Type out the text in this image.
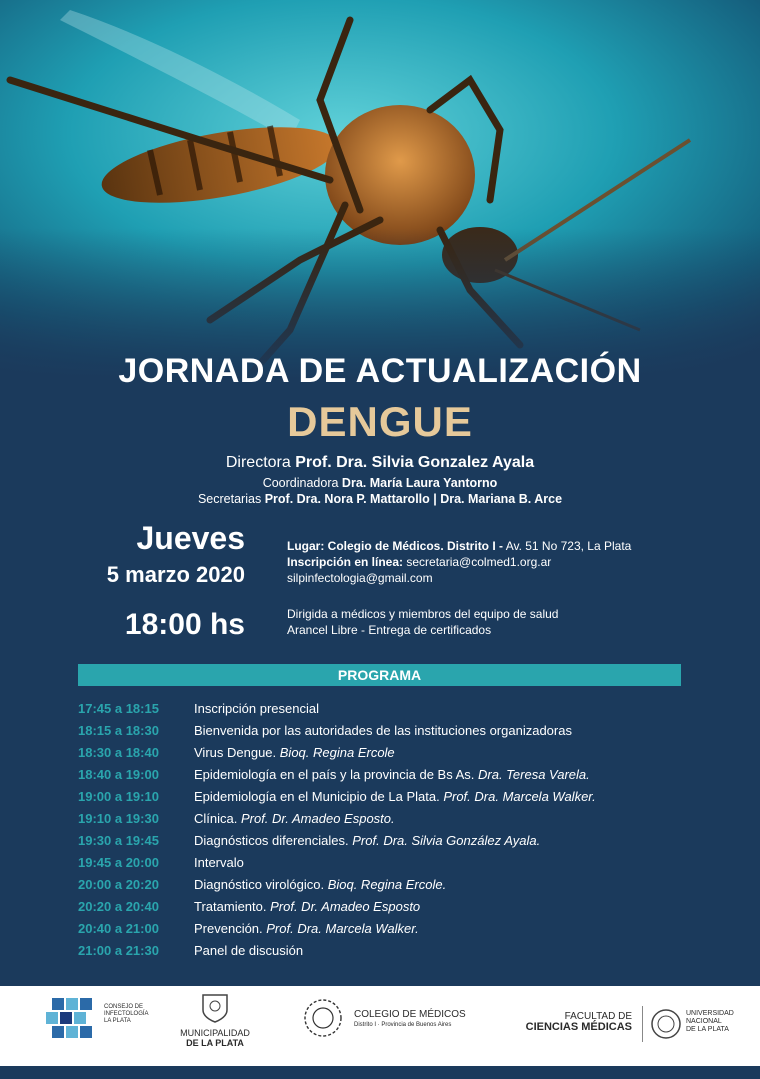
JORNADA DE ACTUALIZACIÓN
DENGUE
Directora Prof. Dra. Silvia Gonzalez Ayala
Coordinadora Dra. María Laura Yantorno
Secretarias Prof. Dra. Nora P. Mattarollo | Dra. Mariana B. Arce
Jueves
5 marzo 2020
18:00 hs
Lugar: Colegio de Médicos. Distrito I - Av. 51 No 723, La Plata
Inscripción en línea: secretaria@colmed1.org.ar
silpinfectologia@gmail.com
Dirigida a médicos y miembros del equipo de salud
Arancel Libre - Entrega de certificados
PROGRAMA
17:45 a 18:15	Inscripción presencial
18:15 a 18:30	Bienvenida por las autoridades de las instituciones organizadoras
18:30 a 18:40	Virus Dengue. Bioq. Regina Ercole
18:40 a 19:00	Epidemiología en el país y la provincia de Bs As. Dra. Teresa Varela.
19:00 a 19:10	Epidemiología en el Municipio de La Plata. Prof. Dra. Marcela Walker.
19:10 a 19:30	Clínica. Prof. Dr. Amadeo Esposto.
19:30 a 19:45	Diagnósticos diferenciales. Prof. Dra. Silvia González Ayala.
19:45 a 20:00	Intervalo
20:00 a 20:20	Diagnóstico virológico. Bioq. Regina Ercole.
20:20 a 20:40	Tratamiento. Prof. Dr. Amadeo Esposto
20:40 a 21:00	Prevención. Prof. Dra. Marcela Walker.
21:00 a 21:30	Panel de discusión
CONSEJO DE INFECTOLOGÍA LA PLATA
MUNICIPALIDAD
DE LA PLATA
COLEGIO DE MÉDICOS
Distrito I · Provincia de Buenos Aires
FACULTAD DE
CIENCIAS MÉDICAS
UNIVERSIDAD
NACIONAL
DE LA PLATA
